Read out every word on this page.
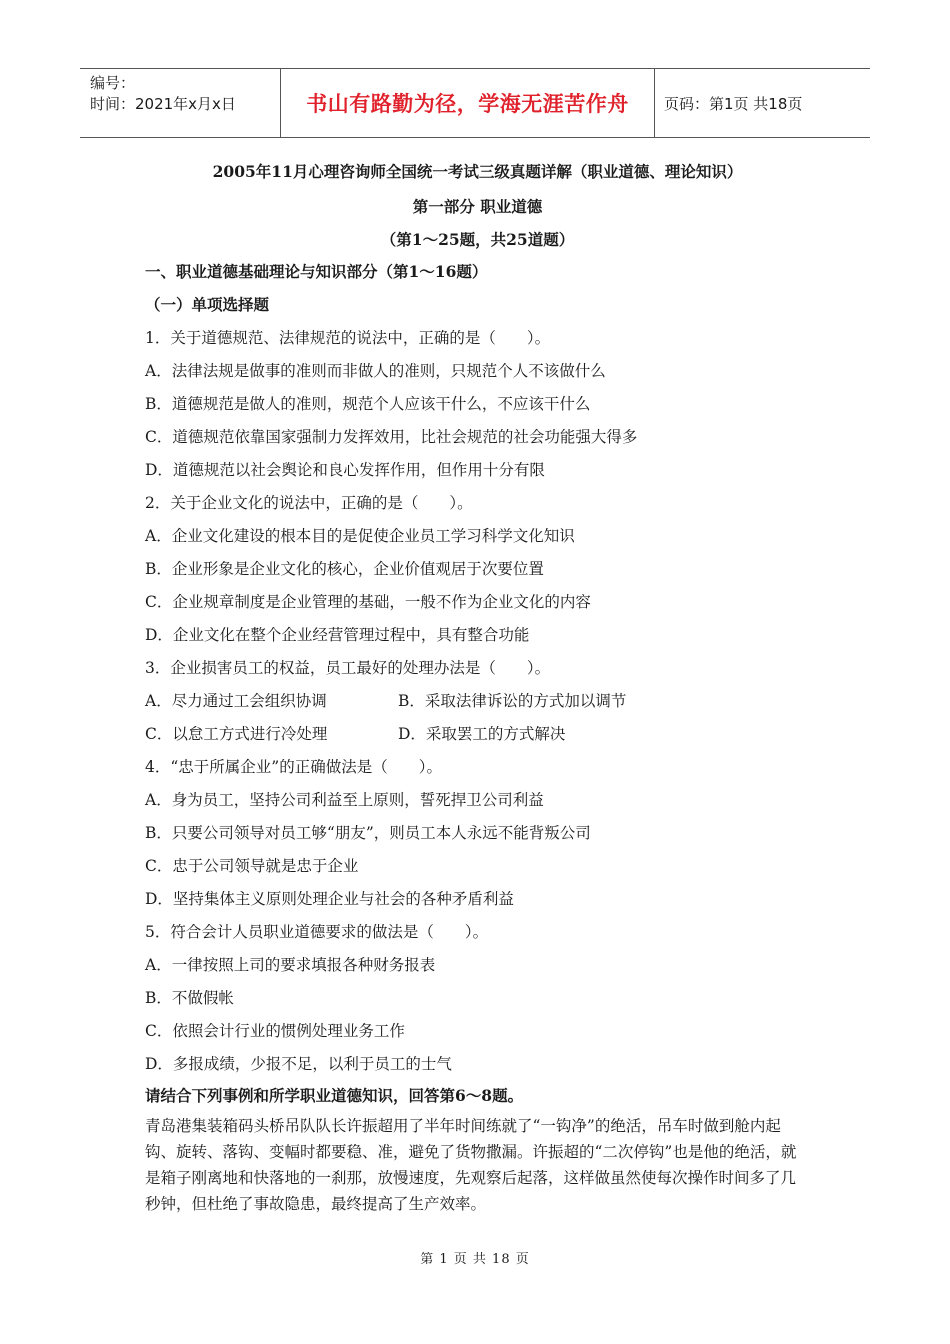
编号：
时间：2021年x月x日	书山有路勤为径，学海无涯苦作舟 页码：第1页 共18页
2005年11月心理咨询师全国统一考试三级真题详解（职业道德、理论知识）
第一部分 职业道德
（第1～25题，共25道题）
一、职业道德基础理论与知识部分（第1～16题）
（一）单项选择题
1．关于道德规范、法律规范的说法中，正确的是（　　）。
A．法律法规是做事的准则而非做人的准则，只规范个人不该做什么
B．道德规范是做人的准则，规范个人应该干什么，不应该干什么
C．道德规范依靠国家强制力发挥效用，比社会规范的社会功能强大得多
D．道德规范以社会舆论和良心发挥作用，但作用十分有限
2．关于企业文化的说法中，正确的是（　　）。
A．企业文化建设的根本目的是促使企业员工学习科学文化知识
B．企业形象是企业文化的核心，企业价值观居于次要位置
C．企业规章制度是企业管理的基础，一般不作为企业文化的内容
D．企业文化在整个企业经营管理过程中，具有整合功能
3．企业损害员工的权益，员工最好的处理办法是（　　）。
A．尽力通过工会组织协调	B．采取法律诉讼的方式加以调节
C．以怠工方式进行冷处理	D．采取罢工的方式解决
4．“忠于所属企业”的正确做法是（　　）。
A．身为员工，坚持公司利益至上原则，誓死捍卫公司利益
B．只要公司领导对员工够“朋友”，则员工本人永远不能背叛公司
C．忠于公司领导就是忠于企业
D．坚持集体主义原则处理企业与社会的各种矛盾利益
5．符合会计人员职业道德要求的做法是（　　）。
A．一律按照上司的要求填报各种财务报表
B．不做假帐
C．依照会计行业的惯例处理业务工作
D．多报成绩，少报不足，以利于员工的士气
请结合下列事例和所学职业道德知识，回答第6～8题。
青岛港集装箱码头桥吊队队长许振超用了半年时间练就了“一钩净”的绝活，吊车时做到舱内起钩、旋转、落钩、变幅时都要稳、准，避免了货物撒漏。许振超的“二次停钩”也是他的绝活，就是箱子刚离地和快落地的一刹那，放慢速度，先观察后起落，这样做虽然使每次操作时间多了几秒钟，但杜绝了事故隐患，最终提高了生产效率。
第 1 页 共 18 页
